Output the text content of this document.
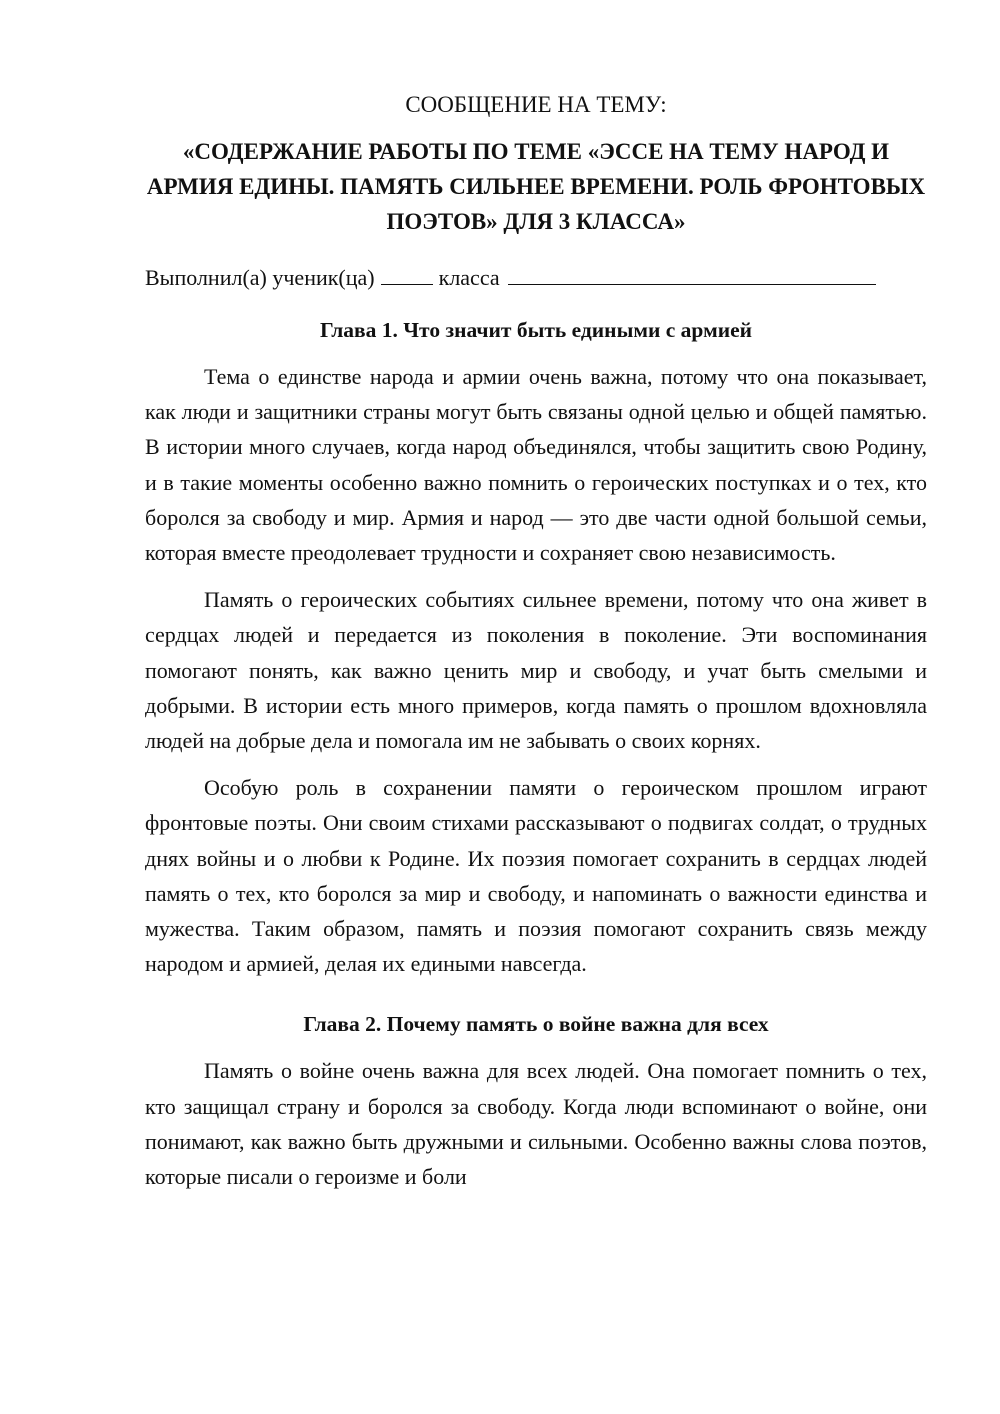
СООБЩЕНИЕ НА ТЕМУ:
«СОДЕРЖАНИЕ РАБОТЫ ПО ТЕМЕ «ЭССЕ НА ТЕМУ НАРОД И АРМИЯ ЕДИНЫ. ПАМЯТЬ СИЛЬНЕЕ ВРЕМЕНИ. РОЛЬ ФРОНТОВЫХ ПОЭТОВ» ДЛЯ 3 КЛАССА»
Выполнил(а) ученик(ца)	класса
Глава 1. Что значит быть едиными с армией

Тема о единстве народа и армии очень важна, потому что она показывает, как люди и защитники страны могут быть связаны одной целью и общей памятью. В истории много случаев, когда народ объединялся, чтобы защитить свою Родину, и в такие моменты особенно важно помнить о героических поступках и о тех, кто боролся за свободу и мир. Армия и народ — это две части одной большой семьи, которая вместе преодолевает трудности и сохраняет свою независимость.

Память о героических событиях сильнее времени, потому что она живет в сердцах людей и передается из поколения в поколение. Эти воспоминания помогают понять, как важно ценить мир и свободу, и учат быть смелыми и добрыми. В истории есть много примеров, когда память о прошлом вдохновляла людей на добрые дела и помогала им не забывать о своих корнях.

Особую роль в сохранении памяти о героическом прошлом играют фронтовые поэты. Они своим стихами рассказывают о подвигах солдат, о трудных днях войны и о любви к Родине. Их поэзия помогает сохранить в сердцах людей память о тех, кто боролся за мир и свободу, и напоминать о важности единства и мужества. Таким образом, память и поэзия помогают сохранить связь между народом и армией, делая их едиными навсегда.

Глава 2. Почему память о войне важна для всех

Память о войне очень важна для всех людей. Она помогает помнить о тех, кто защищал страну и боролся за свободу. Когда люди вспоминают о войне, они понимают, как важно быть дружными и сильными. Особенно важны слова поэтов, которые писали о героизме и боли
